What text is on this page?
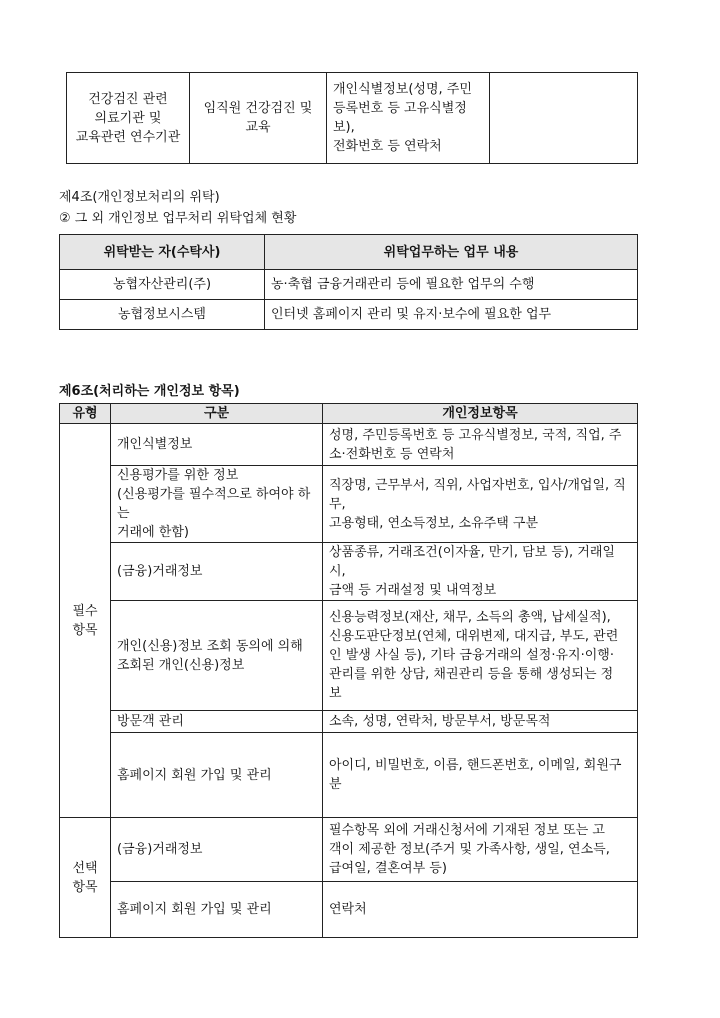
건강검진 관련
의료기관 및
교육관련 연수기관	임직원 건강검진 및
교육	개인식별정보(성명, 주민
등록번호 등 고유식별정보),
전화번호 등 연락처	
제4조(개인정보처리의 위탁)
② 그 외 개인정보 업무처리 위탁업체 현황
위탁받는 자(수탁사)	위탁업무하는 업무 내용
농협자산관리(주)	농·축협 금융거래관리 등에 필요한 업무의 수행
농협정보시스템	인터넷 홈페이지 관리 및 유지·보수에 필요한 업무
제6조(처리하는 개인정보 항목)
유형	구분	개인정보항목
필수
항목	개인식별정보	성명, 주민등록번호 등 고유식별정보, 국적, 직업, 주
소·전화번호 등 연락처
	신용평가를 위한 정보
(신용평가를 필수적으로 하여야 하는
거래에 한함)	직장명, 근무부서, 직위, 사업자번호, 입사/개업일, 직무,
고용형태, 연소득정보, 소유주택 구분
	(금융)거래정보	상품종류, 거래조건(이자율, 만기, 담보 등), 거래일시,
금액 등 거래설정 및 내역정보
	개인(신용)정보 조회 동의에 의해
조회된 개인(신용)정보	신용능력정보(재산, 채무, 소득의 총액, 납세실적),
신용도판단정보(연체, 대위변제, 대지급, 부도, 관련
인 발생 사실 등), 기타 금융거래의 설정·유지·이행·
관리를 위한 상담, 채권관리 등을 통해 생성되는 정
보
	방문객 관리	소속, 성명, 연락처, 방문부서, 방문목적
	홈페이지 회원 가입 및 관리	아이디, 비밀번호, 이름, 핸드폰번호, 이메일, 회원구분
선택
항목	(금융)거래정보	필수항목 외에 거래신청서에 기재된 정보 또는 고
객이 제공한 정보(주거 및 가족사항, 생일, 연소득,
급여일, 결혼여부 등)
	홈페이지 회원 가입 및 관리	연락처
